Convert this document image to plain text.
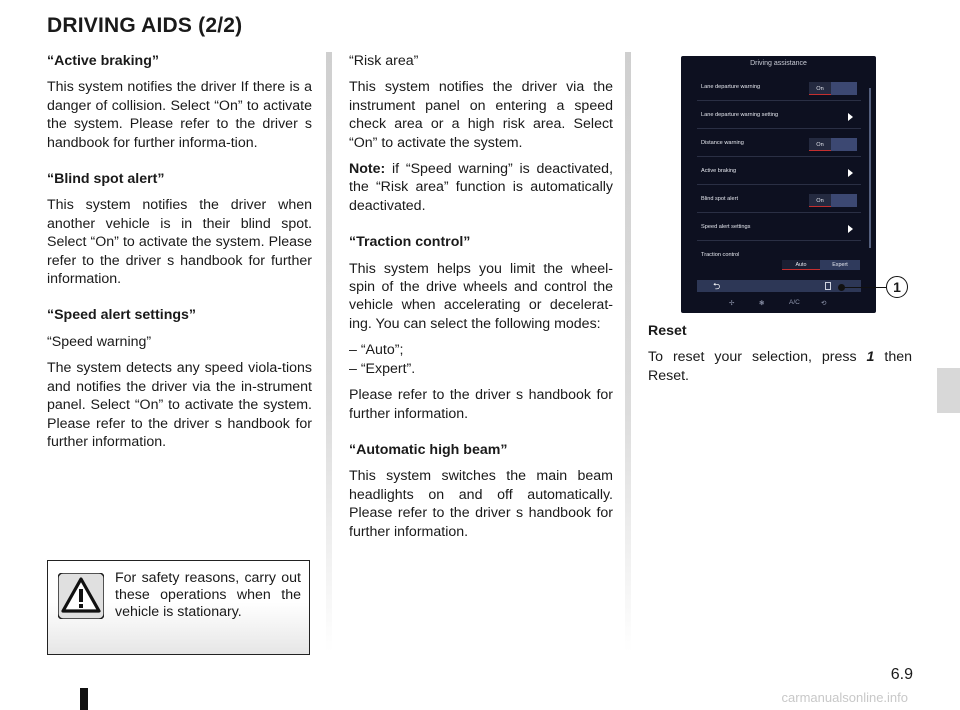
DRIVING AIDS (2/2)
“Active braking”

This system notifies the driver If there is a danger of collision. Select “On” to activate the system. Please refer to the driver s handbook for further informa-tion.

“Blind spot alert”

This system notifies the driver when another vehicle is in their blind spot. Select “On” to activate the system. Please refer to the driver s handbook for further information.

“Speed alert settings”

“Speed warning”

The system detects any speed viola-tions and notifies the driver via the in-strument panel. Select “On” to activate the system. Please refer to the driver s handbook for further information.

“Risk area”

This system notifies the driver via the instrument panel on entering a speed check area or a high risk area. Select “On” to activate the system.

Note: if “Speed warning” is deactivated, the “Risk area” function is automatically deactivated.

“Traction control”

This system helps you limit the wheel-spin of the drive wheels and control the vehicle when accelerating or decelerat-ing. You can select the following modes:

– “Auto”;

– “Expert”.

Please refer to the driver s handbook for further information.

“Automatic high beam”

This system switches the main beam headlights on and off automatically. Please refer to the driver s handbook for further information.

Driving assistance
Lane departure warning	On
Lane departure warning setting
Distance warning	On
Active braking
Blind spot alert	On
Speed alert settings
Traction control
Auto	Expert
⮌
✢	❃	A/C	⟲
1
Reset

To reset your selection, press 1 then Reset.

For safety reasons, carry out these operations when the vehicle is stationary.
6.9
carmanualsonline.info
